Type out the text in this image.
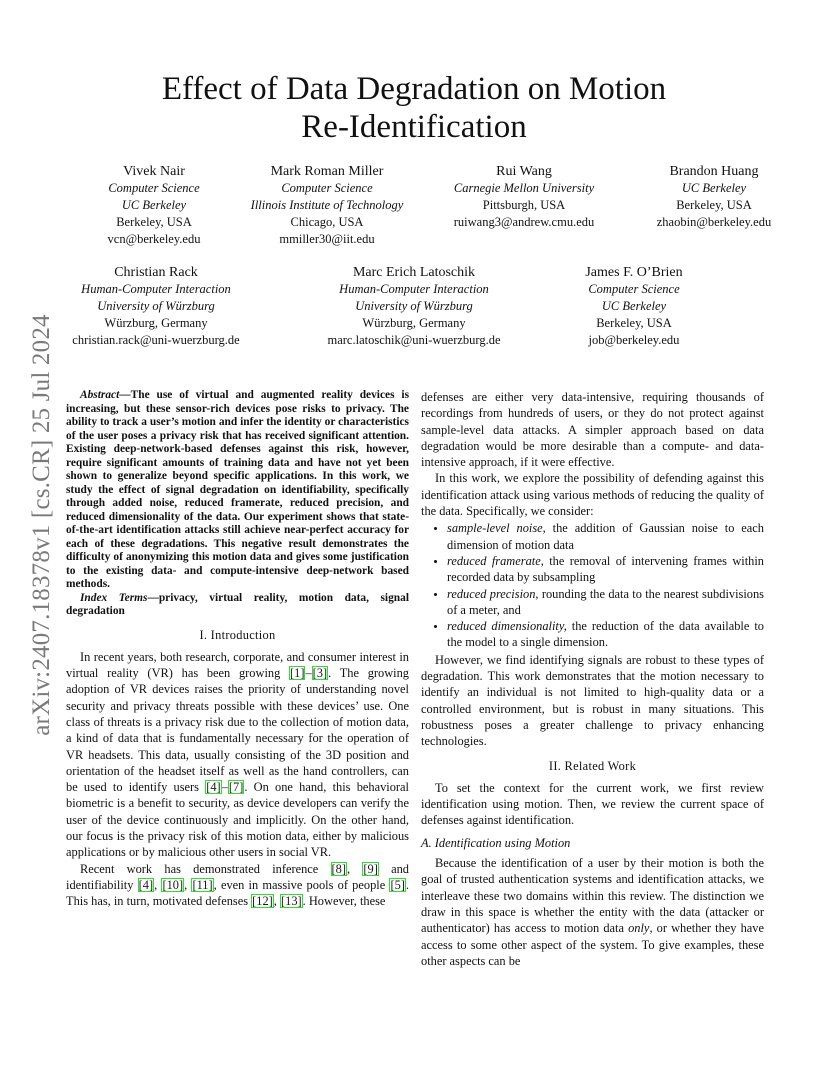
arXiv:2407.18378v1 [cs.CR] 25 Jul 2024
Effect of Data Degradation on Motion
Re-Identification
Vivek Nair
Computer Science
UC Berkeley
Berkeley, USA
vcn@berkeley.edu
Mark Roman Miller
Computer Science
Illinois Institute of Technology
Chicago, USA
mmiller30@iit.edu
Rui Wang
Carnegie Mellon University
Pittsburgh, USA
ruiwang3@andrew.cmu.edu
Brandon Huang
UC Berkeley
Berkeley, USA
zhaobin@berkeley.edu
Christian Rack
Human-Computer Interaction
University of Würzburg
Würzburg, Germany
christian.rack@uni-wuerzburg.de
Marc Erich Latoschik
Human-Computer Interaction
University of Würzburg
Würzburg, Germany
marc.latoschik@uni-wuerzburg.de
James F. O’Brien
Computer Science
UC Berkeley
Berkeley, USA
job@berkeley.edu

Abstract—The use of virtual and augmented reality devices is increasing, but these sensor-rich devices pose risks to privacy. The ability to track a user’s motion and infer the identity or characteristics of the user poses a privacy risk that has received significant attention. Existing deep-network-based defenses against this risk, however, require significant amounts of training data and have not yet been shown to generalize beyond specific applications. In this work, we study the effect of signal degradation on identifiability, specifically through added noise, reduced framerate, reduced precision, and reduced dimensionality of the data. Our experiment shows that state-of-the-art identification attacks still achieve near-perfect accuracy for each of these degradations. This negative result demonstrates the difficulty of anonymizing this motion data and gives some justification to the existing data- and compute-intensive deep-network based methods.

Index Terms—privacy, virtual reality, motion data, signal degradation

I. Introduction

In recent years, both research, corporate, and consumer interest in virtual reality (VR) has been growing [1]–[3]. The growing adoption of VR devices raises the priority of understanding novel security and privacy threats possible with these devices’ use. One class of threats is a privacy risk due to the collection of motion data, a kind of data that is fundamentally necessary for the operation of VR headsets. This data, usually consisting of the 3D position and orientation of the headset itself as well as the hand controllers, can be used to identify users [4]–[7]. On one hand, this behavioral biometric is a benefit to security, as device developers can verify the user of the device continuously and implicitly. On the other hand, our focus is the privacy risk of this motion data, either by malicious applications or by malicious other users in social VR.

Recent work has demonstrated inference [8], [9] and identifiability [4], [10], [11], even in massive pools of people [5]. This has, in turn, motivated defenses [12], [13]. However, these

defenses are either very data-intensive, requiring thousands of recordings from hundreds of users, or they do not protect against sample-level data attacks. A simpler approach based on data degradation would be more desirable than a compute- and data-intensive approach, if it were effective.

In this work, we explore the possibility of defending against this identification attack using various methods of reducing the quality of the data. Specifically, we consider:

• sample-level noise, the addition of Gaussian noise to each dimension of motion data
• reduced framerate, the removal of intervening frames within recorded data by subsampling
• reduced precision, rounding the data to the nearest subdivisions of a meter, and
• reduced dimensionality, the reduction of the data available to the model to a single dimension.

However, we find identifying signals are robust to these types of degradation. This work demonstrates that the motion necessary to identify an individual is not limited to high-quality data or a controlled environment, but is robust in many situations. This robustness poses a greater challenge to privacy enhancing technologies.

II. Related Work

To set the context for the current work, we first review identification using motion. Then, we review the current space of defenses against identification.

A. Identification using Motion

Because the identification of a user by their motion is both the goal of trusted authentication systems and identification attacks, we interleave these two domains within this review. The distinction we draw in this space is whether the entity with the data (attacker or authenticator) has access to motion data only, or whether they have access to some other aspect of the system. To give examples, these other aspects can be
